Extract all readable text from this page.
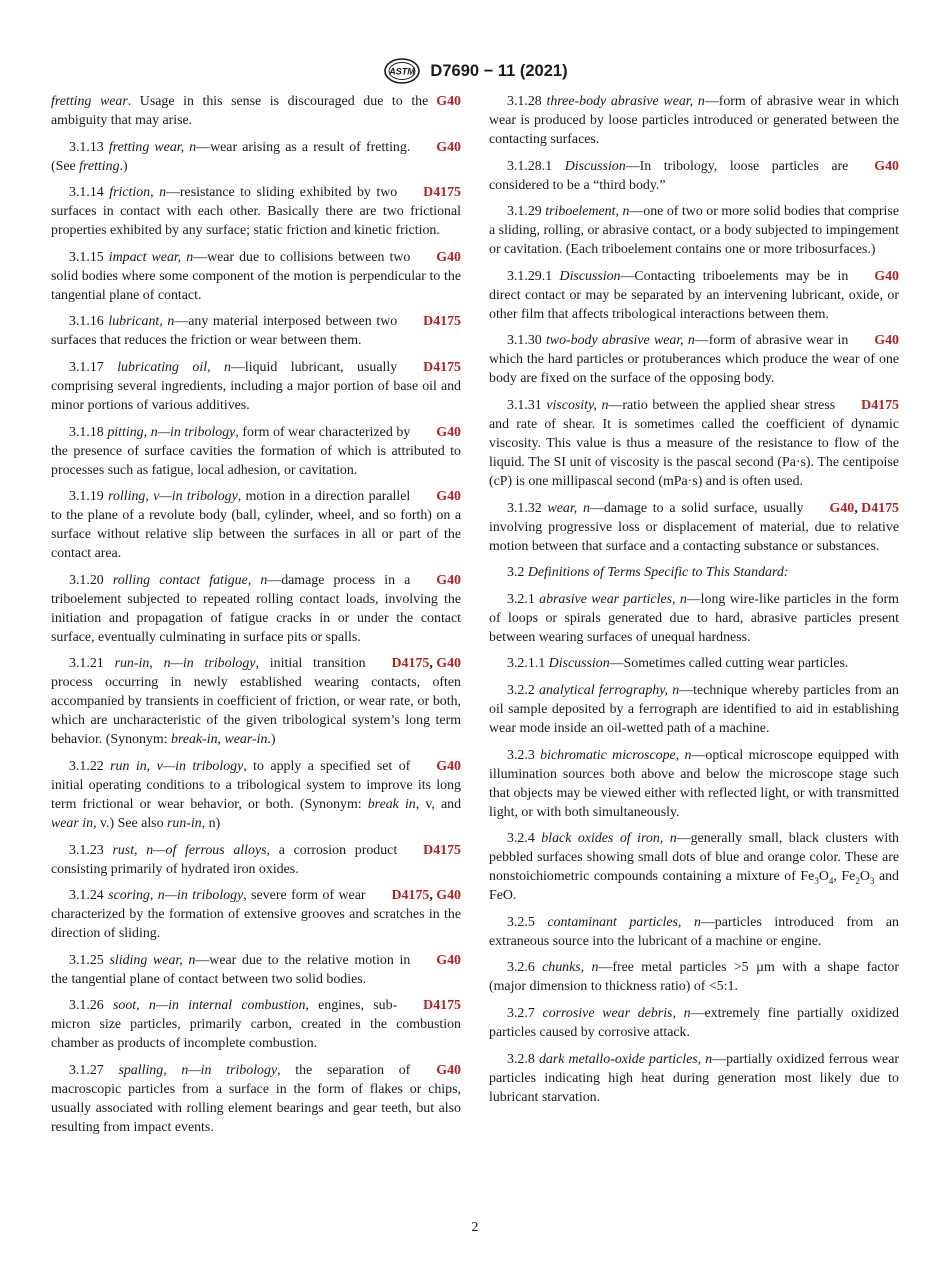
ASTM D7690 − 11 (2021)

G40
fretting wear. Usage in this sense is discouraged due to the ambiguity that may arise.

G40
3.1.13 fretting wear, n—wear arising as a result of fretting. (See fretting.)

D4175
3.1.14 friction, n—resistance to sliding exhibited by two surfaces in contact with each other. Basically there are two frictional properties exhibited by any surface; static friction and kinetic friction.

G40
3.1.15 impact wear, n—wear due to collisions between two solid bodies where some component of the motion is perpendicular to the tangential plane of contact.

D4175
3.1.16 lubricant, n—any material interposed between two surfaces that reduces the friction or wear between them.

D4175
3.1.17 lubricating oil, n—liquid lubricant, usually comprising several ingredients, including a major portion of base oil and minor portions of various additives.

G40
3.1.18 pitting, n—in tribology, form of wear characterized by the presence of surface cavities the formation of which is attributed to processes such as fatigue, local adhesion, or cavitation.

G40
3.1.19 rolling, v—in tribology, motion in a direction parallel to the plane of a revolute body (ball, cylinder, wheel, and so forth) on a surface without relative slip between the surfaces in all or part of the contact area.

G40
3.1.20 rolling contact fatigue, n—damage process in a triboelement subjected to repeated rolling contact loads, involving the initiation and propagation of fatigue cracks in or under the contact surface, eventually culminating in surface pits or spalls.

D4175, G40
3.1.21 run-in, n—in tribology, initial transition process occurring in newly established wearing contacts, often accompanied by transients in coefficient of friction, or wear rate, or both, which are uncharacteristic of the given tribological system’s long term behavior. (Synonym: break-in, wear-in.)

G40
3.1.22 run in, v—in tribology, to apply a specified set of initial operating conditions to a tribological system to improve its long term frictional or wear behavior, or both. (Synonym: break in, v, and wear in, v.) See also run-in, n)

D4175
3.1.23 rust, n—of ferrous alloys, a corrosion product consisting primarily of hydrated iron oxides.

D4175, G40
3.1.24 scoring, n—in tribology, severe form of wear characterized by the formation of extensive grooves and scratches in the direction of sliding.

G40
3.1.25 sliding wear, n—wear due to the relative motion in the tangential plane of contact between two solid bodies.

D4175
3.1.26 soot, n—in internal combustion, engines, sub-micron size particles, primarily carbon, created in the combustion chamber as products of incomplete combustion.

G40
3.1.27 spalling, n—in tribology, the separation of macroscopic particles from a surface in the form of flakes or chips, usually associated with rolling element bearings and gear teeth, but also resulting from impact events.

3.1.28 three-body abrasive wear, n—form of abrasive wear in which wear is produced by loose particles introduced or generated between the contacting surfaces.

G40
3.1.28.1 Discussion—In tribology, loose particles are considered to be a “third body.”

3.1.29 triboelement, n—one of two or more solid bodies that comprise a sliding, rolling, or abrasive contact, or a body subjected to impingement or cavitation. (Each triboelement contains one or more tribosurfaces.)

G40
3.1.29.1 Discussion—Contacting triboelements may be in direct contact or may be separated by an intervening lubricant, oxide, or other film that affects tribological interactions between them.

G40
3.1.30 two-body abrasive wear, n—form of abrasive wear in which the hard particles or protuberances which produce the wear of one body are fixed on the surface of the opposing body.

D4175
3.1.31 viscosity, n—ratio between the applied shear stress and rate of shear. It is sometimes called the coefficient of dynamic viscosity. This value is thus a measure of the resistance to flow of the liquid. The SI unit of viscosity is the pascal second (Pa·s). The centipoise (cP) is one millipascal second (mPa·s) and is often used.

G40, D4175
3.1.32 wear, n—damage to a solid surface, usually involving progressive loss or displacement of material, due to relative motion between that surface and a contacting substance or substances.

3.2 Definitions of Terms Specific to This Standard:

3.2.1 abrasive wear particles, n—long wire-like particles in the form of loops or spirals generated due to hard, abrasive particles present between wearing surfaces of unequal hardness.

3.2.1.1 Discussion—Sometimes called cutting wear particles.

3.2.2 analytical ferrography, n—technique whereby particles from an oil sample deposited by a ferrograph are identified to aid in establishing wear mode inside an oil-wetted path of a machine.

3.2.3 bichromatic microscope, n—optical microscope equipped with illumination sources both above and below the microscope stage such that objects may be viewed either with reflected light, or with transmitted light, or with both simultaneously.

3.2.4 black oxides of iron, n—generally small, black clusters with pebbled surfaces showing small dots of blue and orange color. These are nonstoichiometric compounds containing a mixture of $Fe_3O_4$, $Fe_2O_3$ and FeO.

3.2.5 contaminant particles, n—particles introduced from an extraneous source into the lubricant of a machine or engine.

3.2.6 chunks, n—free metal particles >5 µm with a shape factor (major dimension to thickness ratio) of <5:1.

3.2.7 corrosive wear debris, n—extremely fine partially oxidized particles caused by corrosive attack.

3.2.8 dark metallo-oxide particles, n—partially oxidized ferrous wear particles indicating high heat during generation most likely due to lubricant starvation.

2
